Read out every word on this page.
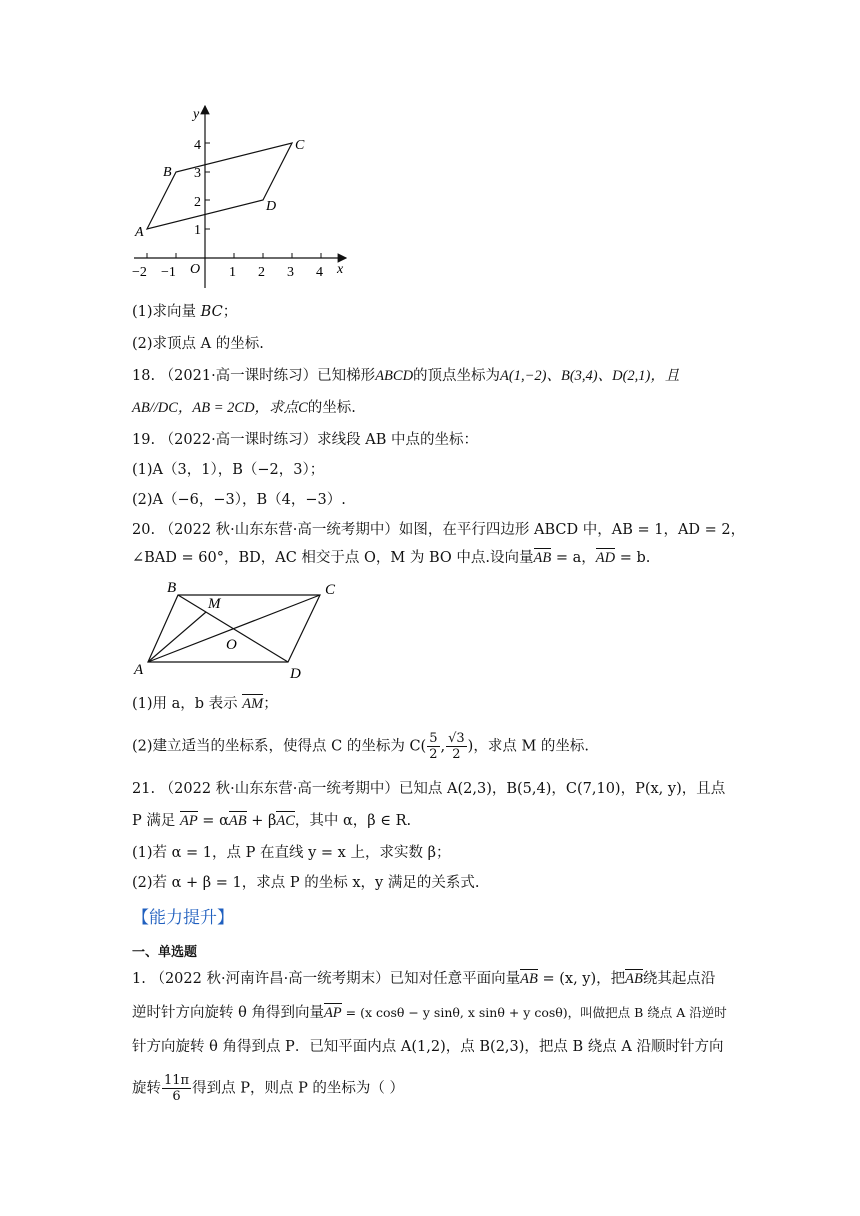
−2 −1 O 1 2 3 4 x
y
1
2
3
4
A
B
C
D
(1)求向量 BC；
(2)求顶点 A 的坐标.
18. （2021·高一课时练习）已知梯形ABCD的顶点坐标为A(1,−2)、B(3,4)、D(2,1)，且
AB//DC，AB = 2CD，求点C的坐标.
19. （2022·高一课时练习）求线段 AB 中点的坐标：
(1)A（3，1），B（−2，3）；
(2)A（−6，−3），B（4，−3）.
20. （2022 秋·山东东营·高一统考期中）如图，在平行四边形 ABCD 中，AB = 1，AD = 2，
∠BAD = 60°，BD，AC 相交于点 O，M 为 BO 中点.设向量AB = a，AD = b.
A
B	C
D
M
O
(1)用 a，b 表示 AM；
(2)建立适当的坐标系，使得点 C 的坐标为 $C( \frac{5}{2}$ , $\frac{√3}{2}$ )，求点 M 的坐标.
21. （2022 秋·山东东营·高一统考期中）已知点 A(2,3)，B(5,4)，C(7,10)，P(x, y)，且点
P 满足 AP = αAB + βAC，其中 α，β ∈ R.
(1)若 α = 1，点 P 在直线 y = x 上，求实数 β；
(2)若 α + β = 1，求点 P 的坐标 x，y 满足的关系式.
【能力提升】
一、单选题
1. （2022 秋·河南许昌·高一统考期末）已知对任意平面向量AB = (x, y)，把AB绕其起点沿
逆时针方向旋转 θ 角得到向量AP = (x cosθ − y sinθ, x sinθ + y cosθ)，叫做把点 B 绕点 A 沿逆时
针方向旋转 θ 角得到点 P．已知平面内点 A(1,2)，点 B(2,3)，把点 B 绕点 A 沿顺时针方向
旋转 $\frac{11\pi}{6}$ 得到点 P，则点 P 的坐标为（ ）
